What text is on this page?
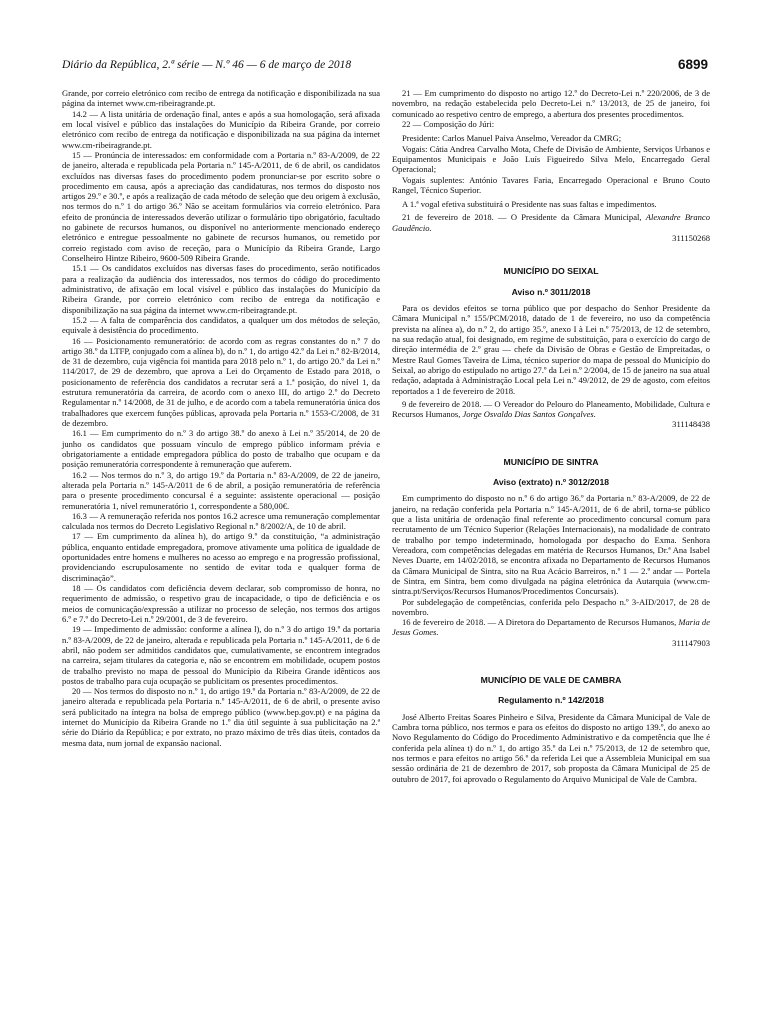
Diário da República, 2.ª série — N.º 46 — 6 de março de 2018	6899

Grande, por correio eletrónico com recibo de entrega da notificação e disponibilizada na sua página da internet www.cm-ribeiragrande.pt.

14.2 — A lista unitária de ordenação final, antes e após a sua homologação, será afixada em local visível e público das instalações do Município da Ribeira Grande, por correio eletrónico com recibo de entrega da notificação e disponibilizada na sua página da internet www.cm-ribeiragrande.pt.

15 — Pronúncia de interessados: em conformidade com a Portaria n.º 83-A/2009, de 22 de janeiro, alterada e republicada pela Portaria n.º 145-A/2011, de 6 de abril, os candidatos excluídos nas diversas fases do procedimento podem pronunciar-se por escrito sobre o procedimento em causa, após a apreciação das candidaturas, nos termos do disposto nos artigos 29.º e 30.º, e após a realização de cada método de seleção que deu origem à exclusão, nos termos do n.º 1 do artigo 36.º Não se aceitam formulários via correio eletrónico. Para efeito de pronúncia de interessados deverão utilizar o formulário tipo obrigatório, facultado no gabinete de recursos humanos, ou disponível no anteriormente mencionado endereço eletrónico e entregue pessoalmente no gabinete de recursos humanos, ou remetido por correio registado com aviso de receção, para o Município da Ribeira Grande, Largo Conselheiro Hintze Ribeiro, 9600-509 Ribeira Grande.

15.1 — Os candidatos excluídos nas diversas fases do procedimento, serão notificados para a realização da audiência dos interessados, nos termos do código do procedimento administrativo, de afixação em local visível e público das instalações do Município da Ribeira Grande, por correio eletrónico com recibo de entrega da notificação e disponibilização na sua página da internet www.cm-ribeiragrande.pt.

15.2 — A falta de comparência dos candidatos, a qualquer um dos métodos de seleção, equivale à desistência do procedimento.

16 — Posicionamento remuneratório: de acordo com as regras constantes do n.º 7 do artigo 38.º da LTFP, conjugado com a alínea b), do n.º 1, do artigo 42.º da Lei n.º 82-B/2014, de 31 de dezembro, cuja vigência foi mantida para 2018 pelo n.º 1, do artigo 20.º da Lei n.º 114/2017, de 29 de dezembro, que aprova a Lei do Orçamento de Estado para 2018, o posicionamento de referência dos candidatos a recrutar será a 1.ª posição, do nível 1, da estrutura remuneratória da carreira, de acordo com o anexo III, do artigo 2.º do Decreto Regulamentar n.º 14/2008, de 31 de julho, e de acordo com a tabela remuneratória única dos trabalhadores que exercem funções públicas, aprovada pela Portaria n.º 1553-C/2008, de 31 de dezembro.

16.1 — Em cumprimento do n.º 3 do artigo 38.º do anexo à Lei n.º 35/2014, de 20 de junho os candidatos que possuam vínculo de emprego público informam prévia e obrigatoriamente a entidade empregadora pública do posto de trabalho que ocupam e da posição remuneratória correspondente à remuneração que auferem.

16.2 — Nos termos do n.º 3, do artigo 19.º da Portaria n.º 83-A/2009, de 22 de janeiro, alterada pela Portaria n.º 145-A/2011 de 6 de abril, a posição remuneratória de referência para o presente procedimento concursal é a seguinte: assistente operacional — posição remuneratória 1, nível remuneratório 1, correspondente a 580,00€.

16.3 — A remuneração referida nos pontos 16.2 acresce uma remuneração complementar calculada nos termos do Decreto Legislativo Regional n.º 8/2002/A, de 10 de abril.

17 — Em cumprimento da alínea h), do artigo 9.º da constituição, “a administração pública, enquanto entidade empregadora, promove ativamente uma política de igualdade de oportunidades entre homens e mulheres no acesso ao emprego e na progressão profissional, providenciando escrupulosamente no sentido de evitar toda e qualquer forma de discriminação”.

18 — Os candidatos com deficiência devem declarar, sob compromisso de honra, no requerimento de admissão, o respetivo grau de incapacidade, o tipo de deficiência e os meios de comunicação/expressão a utilizar no processo de seleção, nos termos dos artigos 6.º e 7.º do Decreto-Lei n.º 29/2001, de 3 de fevereiro.

19 — Impedimento de admissão: conforme a alínea l), do n.º 3 do artigo 19.º da portaria n.º 83-A/2009, de 22 de janeiro, alterada e republicada pela Portaria n.º 145-A/2011, de 6 de abril, não podem ser admitidos candidatos que, cumulativamente, se encontrem integrados na carreira, sejam titulares da categoria e, não se encontrem em mobilidade, ocupem postos de trabalho previsto no mapa de pessoal do Município da Ribeira Grande idênticos aos postos de trabalho para cuja ocupação se publicitam os presentes procedimentos.

20 — Nos termos do disposto no n.º 1, do artigo 19.º da Portaria n.º 83-A/2009, de 22 de janeiro alterada e republicada pela Portaria n.º 145-A/2011, de 6 de abril, o presente aviso será publicitado na íntegra na bolsa de emprego público (www.bep.gov.pt) e na página da internet do Município da Ribeira Grande no 1.º dia útil seguinte à sua publicitação na 2.ª série do Diário da República; e por extrato, no prazo máximo de três dias úteis, contados da mesma data, num jornal de expansão nacional.

21 — Em cumprimento do disposto no artigo 12.º do Decreto-Lei n.º 220/2006, de 3 de novembro, na redação estabelecida pelo Decreto-Lei n.º 13/2013, de 25 de janeiro, foi comunicado ao respetivo centro de emprego, a abertura dos presentes procedimentos.

22 — Composição do Júri:

Presidente: Carlos Manuel Paiva Anselmo, Vereador da CMRG;

Vogais: Cátia Andrea Carvalho Mota, Chefe de Divisão de Ambiente, Serviços Urbanos e Equipamentos Municipais e João Luís Figueiredo Silva Melo, Encarregado Geral Operacional;

Vogais suplentes: António Tavares Faria, Encarregado Operacional e Bruno Couto Rangel, Técnico Superior.

A 1.ª vogal efetiva substituirá o Presidente nas suas faltas e impedimentos.

21 de fevereiro de 2018. — O Presidente da Câmara Municipal, Alexandre Branco Gaudêncio.

311150268

MUNICÍPIO DO SEIXAL

Aviso n.º 3011/2018

Para os devidos efeitos se torna público que por despacho do Senhor Presidente da Câmara Municipal n.º 155/PCM/2018, datado de 1 de fevereiro, no uso da competência prevista na alínea a), do n.º 2, do artigo 35.º, anexo I à Lei n.º 75/2013, de 12 de setembro, na sua redação atual, foi designado, em regime de substituição, para o exercício do cargo de direção intermédia de 2.º grau — chefe da Divisão de Obras e Gestão de Empreitadas, o Mestre Raul Gomes Taveira de Lima, técnico superior do mapa de pessoal do Município do Seixal, ao abrigo do estipulado no artigo 27.º da Lei n.º 2/2004, de 15 de janeiro na sua atual redação, adaptada à Administração Local pela Lei n.º 49/2012, de 29 de agosto, com efeitos reportados a 1 de fevereiro de 2018.

9 de fevereiro de 2018. — O Vereador do Pelouro do Planeamento, Mobilidade, Cultura e Recursos Humanos, Jorge Osvaldo Dias Santos Gonçalves.

311148438

MUNICÍPIO DE SINTRA

Aviso (extrato) n.º 3012/2018

Em cumprimento do disposto no n.º 6 do artigo 36.º da Portaria n.º 83-A/2009, de 22 de janeiro, na redação conferida pela Portaria n.º 145-A/2011, de 6 de abril, torna-se público que a lista unitária de ordenação final referente ao procedimento concursal comum para recrutamento de um Técnico Superior (Relações Internacionais), na modalidade de contrato de trabalho por tempo indeterminado, homologada por despacho do Exma. Senhora Vereadora, com competências delegadas em matéria de Recursos Humanos, Dr.ª Ana Isabel Neves Duarte, em 14/02/2018, se encontra afixada no Departamento de Recursos Humanos da Câmara Municipal de Sintra, sito na Rua Acácio Barreiros, n.º 1 — 2.º andar — Portela de Sintra, em Sintra, bem como divulgada na página eletrónica da Autarquia (www.cm-sintra.pt/Serviços/Recursos Humanos/Procedimentos Concursais).

Por subdelegação de competências, conferida pelo Despacho n.º 3-AID/2017, de 28 de novembro.

16 de fevereiro de 2018. — A Diretora do Departamento de Recursos Humanos, Maria de Jesus Gomes.

311147903

MUNICÍPIO DE VALE DE CAMBRA

Regulamento n.º 142/2018

José Alberto Freitas Soares Pinheiro e Silva, Presidente da Câmara Municipal de Vale de Cambra torna público, nos termos e para os efeitos do disposto no artigo 139.º, do anexo ao Novo Regulamento do Código do Procedimento Administrativo e da competência que lhe é conferida pela alínea t) do n.º 1, do artigo 35.º da Lei n.º 75/2013, de 12 de setembro que, nos termos e para efeitos no artigo 56.º da referida Lei que a Assembleia Municipal em sua sessão ordinária de 21 de dezembro de 2017, sob proposta da Câmara Municipal de 25 de outubro de 2017, foi aprovado o Regulamento do Arquivo Municipal de Vale de Cambra.
